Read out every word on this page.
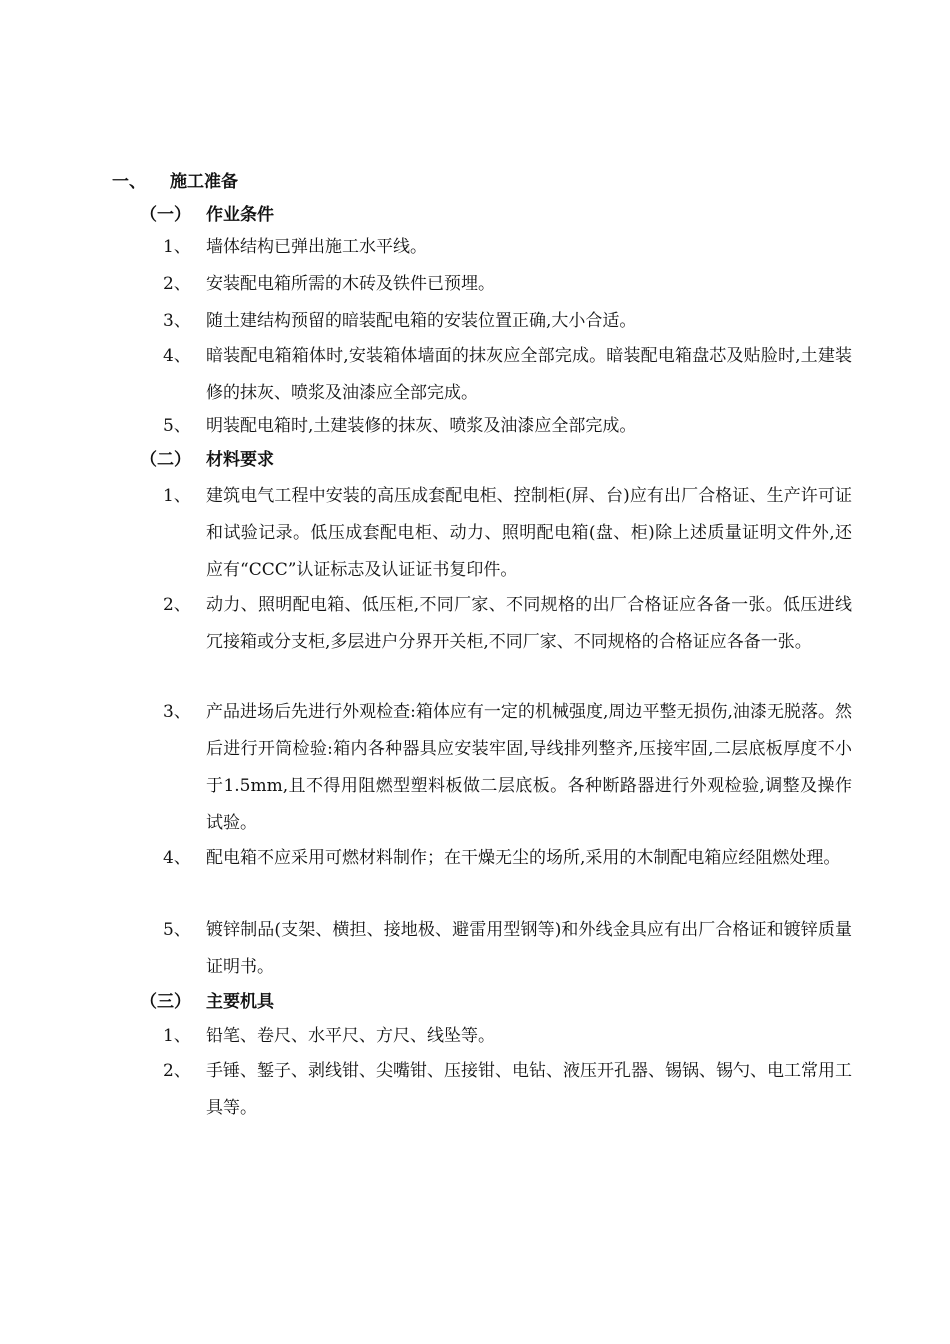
一、 施工准备
（一） 作业条件
1、 墙体结构已弹出施工水平线。
2、 安装配电箱所需的木砖及铁件已预埋。
3、 随土建结构预留的暗装配电箱的安装位置正确,大小合适。
4、 暗装配电箱箱体时,安装箱体墙面的抹灰应全部完成。暗装配电箱盘芯及贴脸时,土建装修的抹灰、喷浆及油漆应全部完成。
5、 明装配电箱时,土建装修的抹灰、喷浆及油漆应全部完成。
（二） 材料要求
1、 建筑电气工程中安装的高压成套配电柜、控制柜(屏、台)应有出厂合格证、生产许可证和试验记录。低压成套配电柜、动力、照明配电箱(盘、柜)除上述质量证明文件外,还应有“CCC”认证标志及认证证书复印件。
2、 动力、照明配电箱、低压柜,不同厂家、不同规格的出厂合格证应各备一张。低压进线冗接箱或分支柜,多层进户分界开关柜,不同厂家、不同规格的合格证应各备一张。
3、 产品进场后先进行外观检查:箱体应有一定的机械强度,周边平整无损伤,油漆无脱落。然后进行开筒检验:箱内各种器具应安装牢固,导线排列整齐,压接牢固,二层底板厚度不小于1.5mm,且不得用阻燃型塑料板做二层底板。各种断路器进行外观检验,调整及操作试验。
4、 配电箱不应采用可燃材料制作；在干燥无尘的场所,采用的木制配电箱应经阻燃处理。
5、 镀锌制品(支架、横担、接地极、避雷用型钢等)和外线金具应有出厂合格证和镀锌质量证明书。
（三） 主要机具
1、 铅笔、卷尺、水平尺、方尺、线坠等。
2、 手锤、錾子、剥线钳、尖嘴钳、压接钳、电钻、液压开孔器、锡锅、锡勺、电工常用工具等。
